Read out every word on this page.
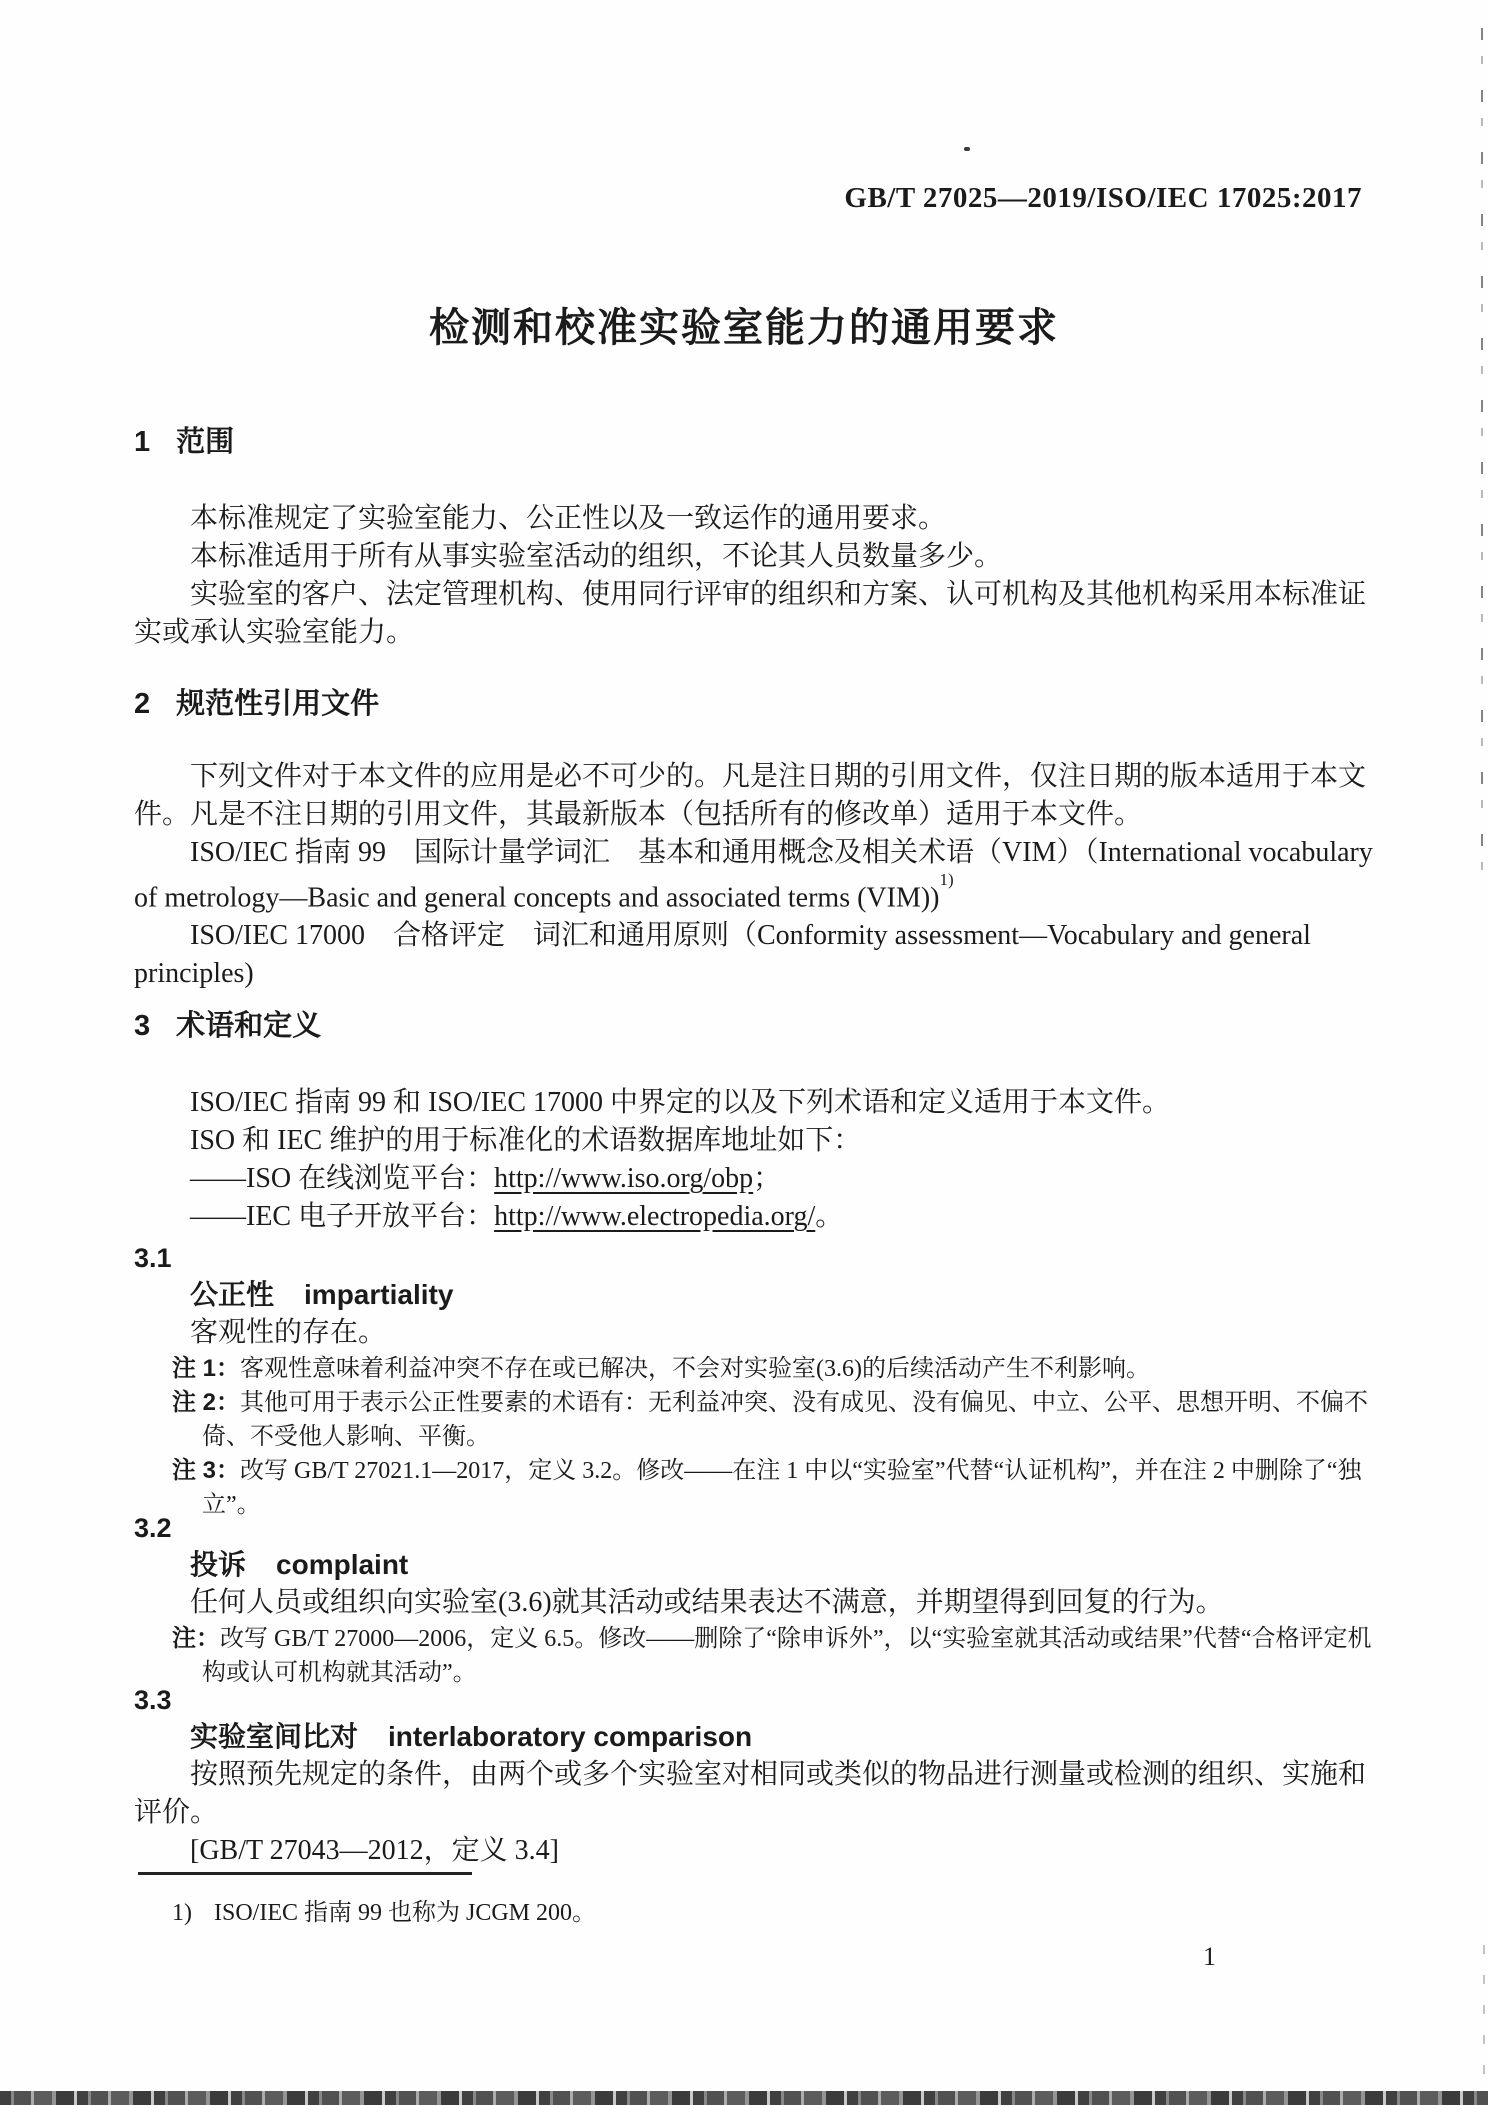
GB/T 27025—2019/ISO/IEC 17025:2017
检测和校准实验室能力的通用要求
1 范围

本标准规定了实验室能力、公正性以及一致运作的通用要求。

本标准适用于所有从事实验室活动的组织，不论其人员数量多少。

实验室的客户、法定管理机构、使用同行评审的组织和方案、认可机构及其他机构采用本标准证实或承认实验室能力。

2 规范性引用文件

下列文件对于本文件的应用是必不可少的。凡是注日期的引用文件，仅注日期的版本适用于本文件。凡是不注日期的引用文件，其最新版本（包括所有的修改单）适用于本文件。

ISO/IEC 指南 99　国际计量学词汇　基本和通用概念及相关术语（VIM）（International vocabulary of metrology—Basic and general concepts and associated terms (VIM))$^{1)}$

ISO/IEC 17000　合格评定　词汇和通用原则（Conformity assessment—Vocabulary and general principles)

3 术语和定义

ISO/IEC 指南 99 和 ISO/IEC 17000 中界定的以及下列术语和定义适用于本文件。

ISO 和 IEC 维护的用于标准化的术语数据库地址如下：

——ISO 在线浏览平台：http://www.iso.org/obp；

——IEC 电子开放平台：http://www.electropedia.org/。

3.1

公正性 impartiality

客观性的存在。

注 1：客观性意味着利益冲突不存在或已解决，不会对实验室(3.6)的后续活动产生不利影响。

注 2：其他可用于表示公正性要素的术语有：无利益冲突、没有成见、没有偏见、中立、公平、思想开明、不偏不倚、不受他人影响、平衡。

注 3：改写 GB/T 27021.1—2017，定义 3.2。修改——在注 1 中以“实验室”代替“认证机构”，并在注 2 中删除了“独立”。

3.2

投诉 complaint

任何人员或组织向实验室(3.6)就其活动或结果表达不满意，并期望得到回复的行为。

注：改写 GB/T 27000—2006，定义 6.5。修改——删除了“除申诉外”，以“实验室就其活动或结果”代替“合格评定机构或认可机构就其活动”。

3.3

实验室间比对 interlaboratory comparison

按照预先规定的条件，由两个或多个实验室对相同或类似的物品进行测量或检测的组织、实施和评价。

[GB/T 27043—2012，定义 3.4]

1) ISO/IEC 指南 99 也称为 JCGM 200。

1
